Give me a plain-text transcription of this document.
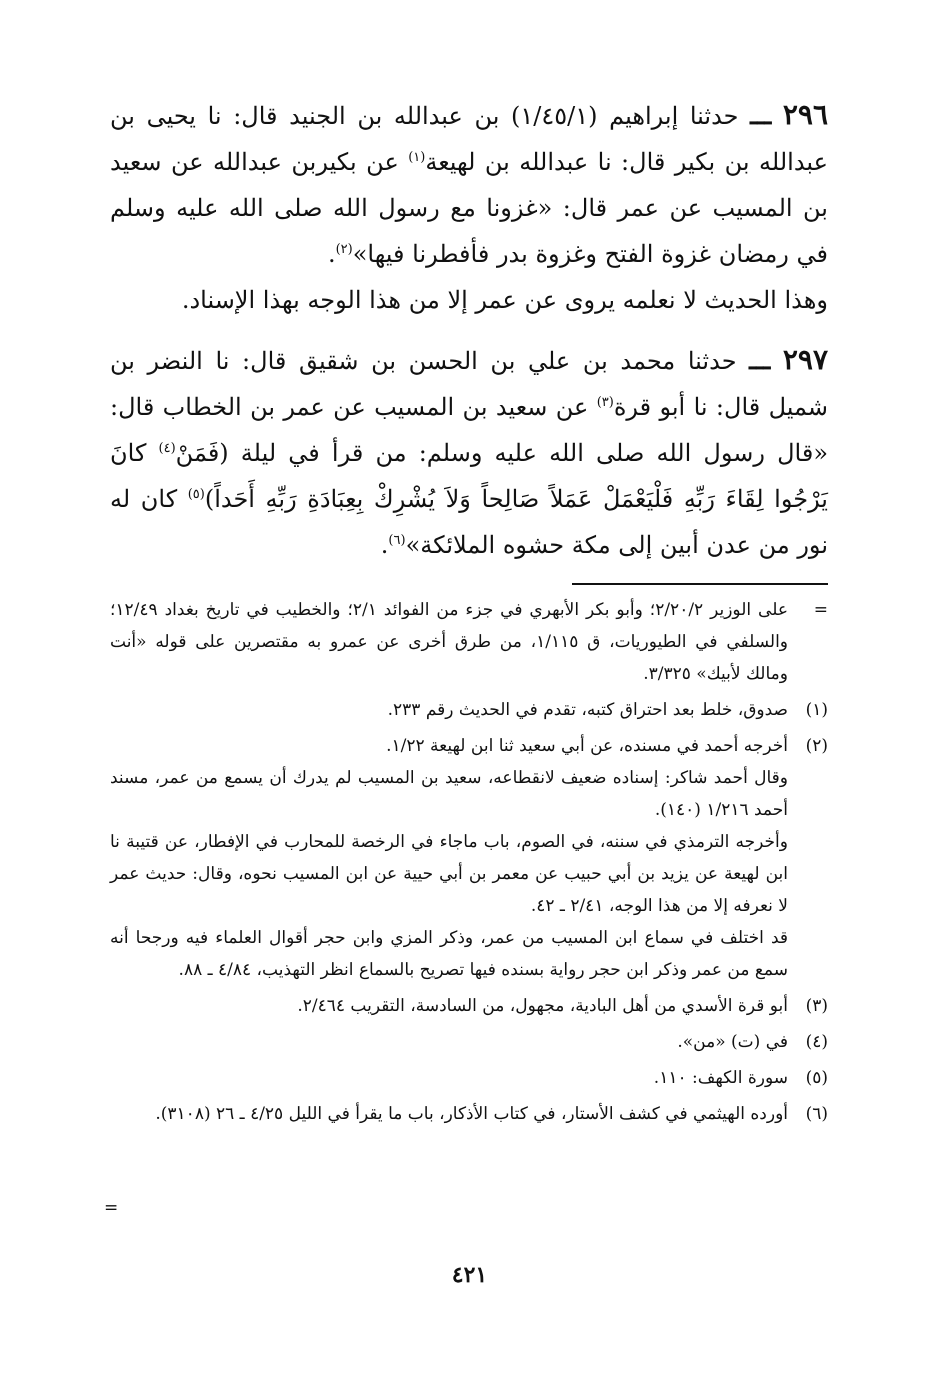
٢٩٦ ـــ حدثنا إبراهيم (١/٤٥/١) بن عبدالله بن الجنيد قال: نا يحيى بن عبدالله بن بكير قال: نا عبدالله بن لهيعة$^{(١)}$ عن بكيربن عبدالله عن سعيد بن المسيب عن عمر قال: «غزونا مع رسول الله صلى الله عليه وسلم في رمضان غزوة الفتح وغزوة بدر فأفطرنا فيها»$^{(٢)}$.

وهذا الحديث لا نعلمه يروى عن عمر إلا من هذا الوجه بهذا الإسناد.

٢٩٧ ـــ حدثنا محمد بن علي بن الحسن بن شقيق قال: نا النضر بن شميل قال: نا أبو قرة$^{(٣)}$ عن سعيد بن المسيب عن عمر بن الخطاب قال: «قال رسول الله صلى الله عليه وسلم: من قرأ في ليلة (فَمَنْ$^{(٤)}$ كانَ يَرْجُوا لِقَاءَ رَبِّهِ فَلْيَعْمَلْ عَمَلاً صَالِحاً وَلاَ يُشْرِكْ بِعِبَادَةِ رَبِّهِ أَحَداً)$^{(٥)}$ كان له نور من عدن أبين إلى مكة حشوه الملائكة»$^{(٦)}$.

=

على الوزير ٢/٢٠/٢؛ وأبو بكر الأبهري في جزء من الفوائد ٢/١؛ والخطيب في تاريخ بغداد ١٢/٤٩؛ والسلفي في الطيوريات، ق ١/١١٥، من طرق أخرى عن عمرو به مقتصرين على قوله «أنت ومالك لأبيك» ٣/٣٢٥.

(١)

صدوق، خلط بعد احتراق كتبه، تقدم في الحديث رقم ٢٣٣.

(٢)

أخرجه أحمد في مسنده، عن أبي سعيد ثنا ابن لهيعة ١/٢٢.

وقال أحمد شاكر: إسناده ضعيف لانقطاعه، سعيد بن المسيب لم يدرك أن يسمع من عمر، مسند أحمد ١/٢١٦ (١٤٠).

وأخرجه الترمذي في سننه، في الصوم، باب ماجاء في الرخصة للمحارب في الإفطار، عن قتيبة نا ابن لهيعة عن يزيد بن أبي حبيب عن معمر بن أبي حيية عن ابن المسيب نحوه، وقال: حديث عمر لا نعرفه إلا من هذا الوجه، ٢/٤١ ـ ٤٢.

قد اختلف في سماع ابن المسيب من عمر، وذكر المزي وابن حجر أقوال العلماء فيه ورجحا أنه سمع من عمر وذكر ابن حجر رواية بسنده فيها تصريح بالسماع انظر التهذيب، ٤/٨٤ ـ ٨٨.

(٣)

أبو قرة الأسدي من أهل البادية، مجهول، من السادسة، التقريب ٢/٤٦٤.

(٤)

في (ت) «من».

(٥)

سورة الكهف: ١١٠.

(٦)

أورده الهيثمي في كشف الأستار، في كتاب الأذكار، باب ما يقرأ في الليل ٤/٢٥ ـ ٢٦ (٣١٠٨).

=
٤٢١
